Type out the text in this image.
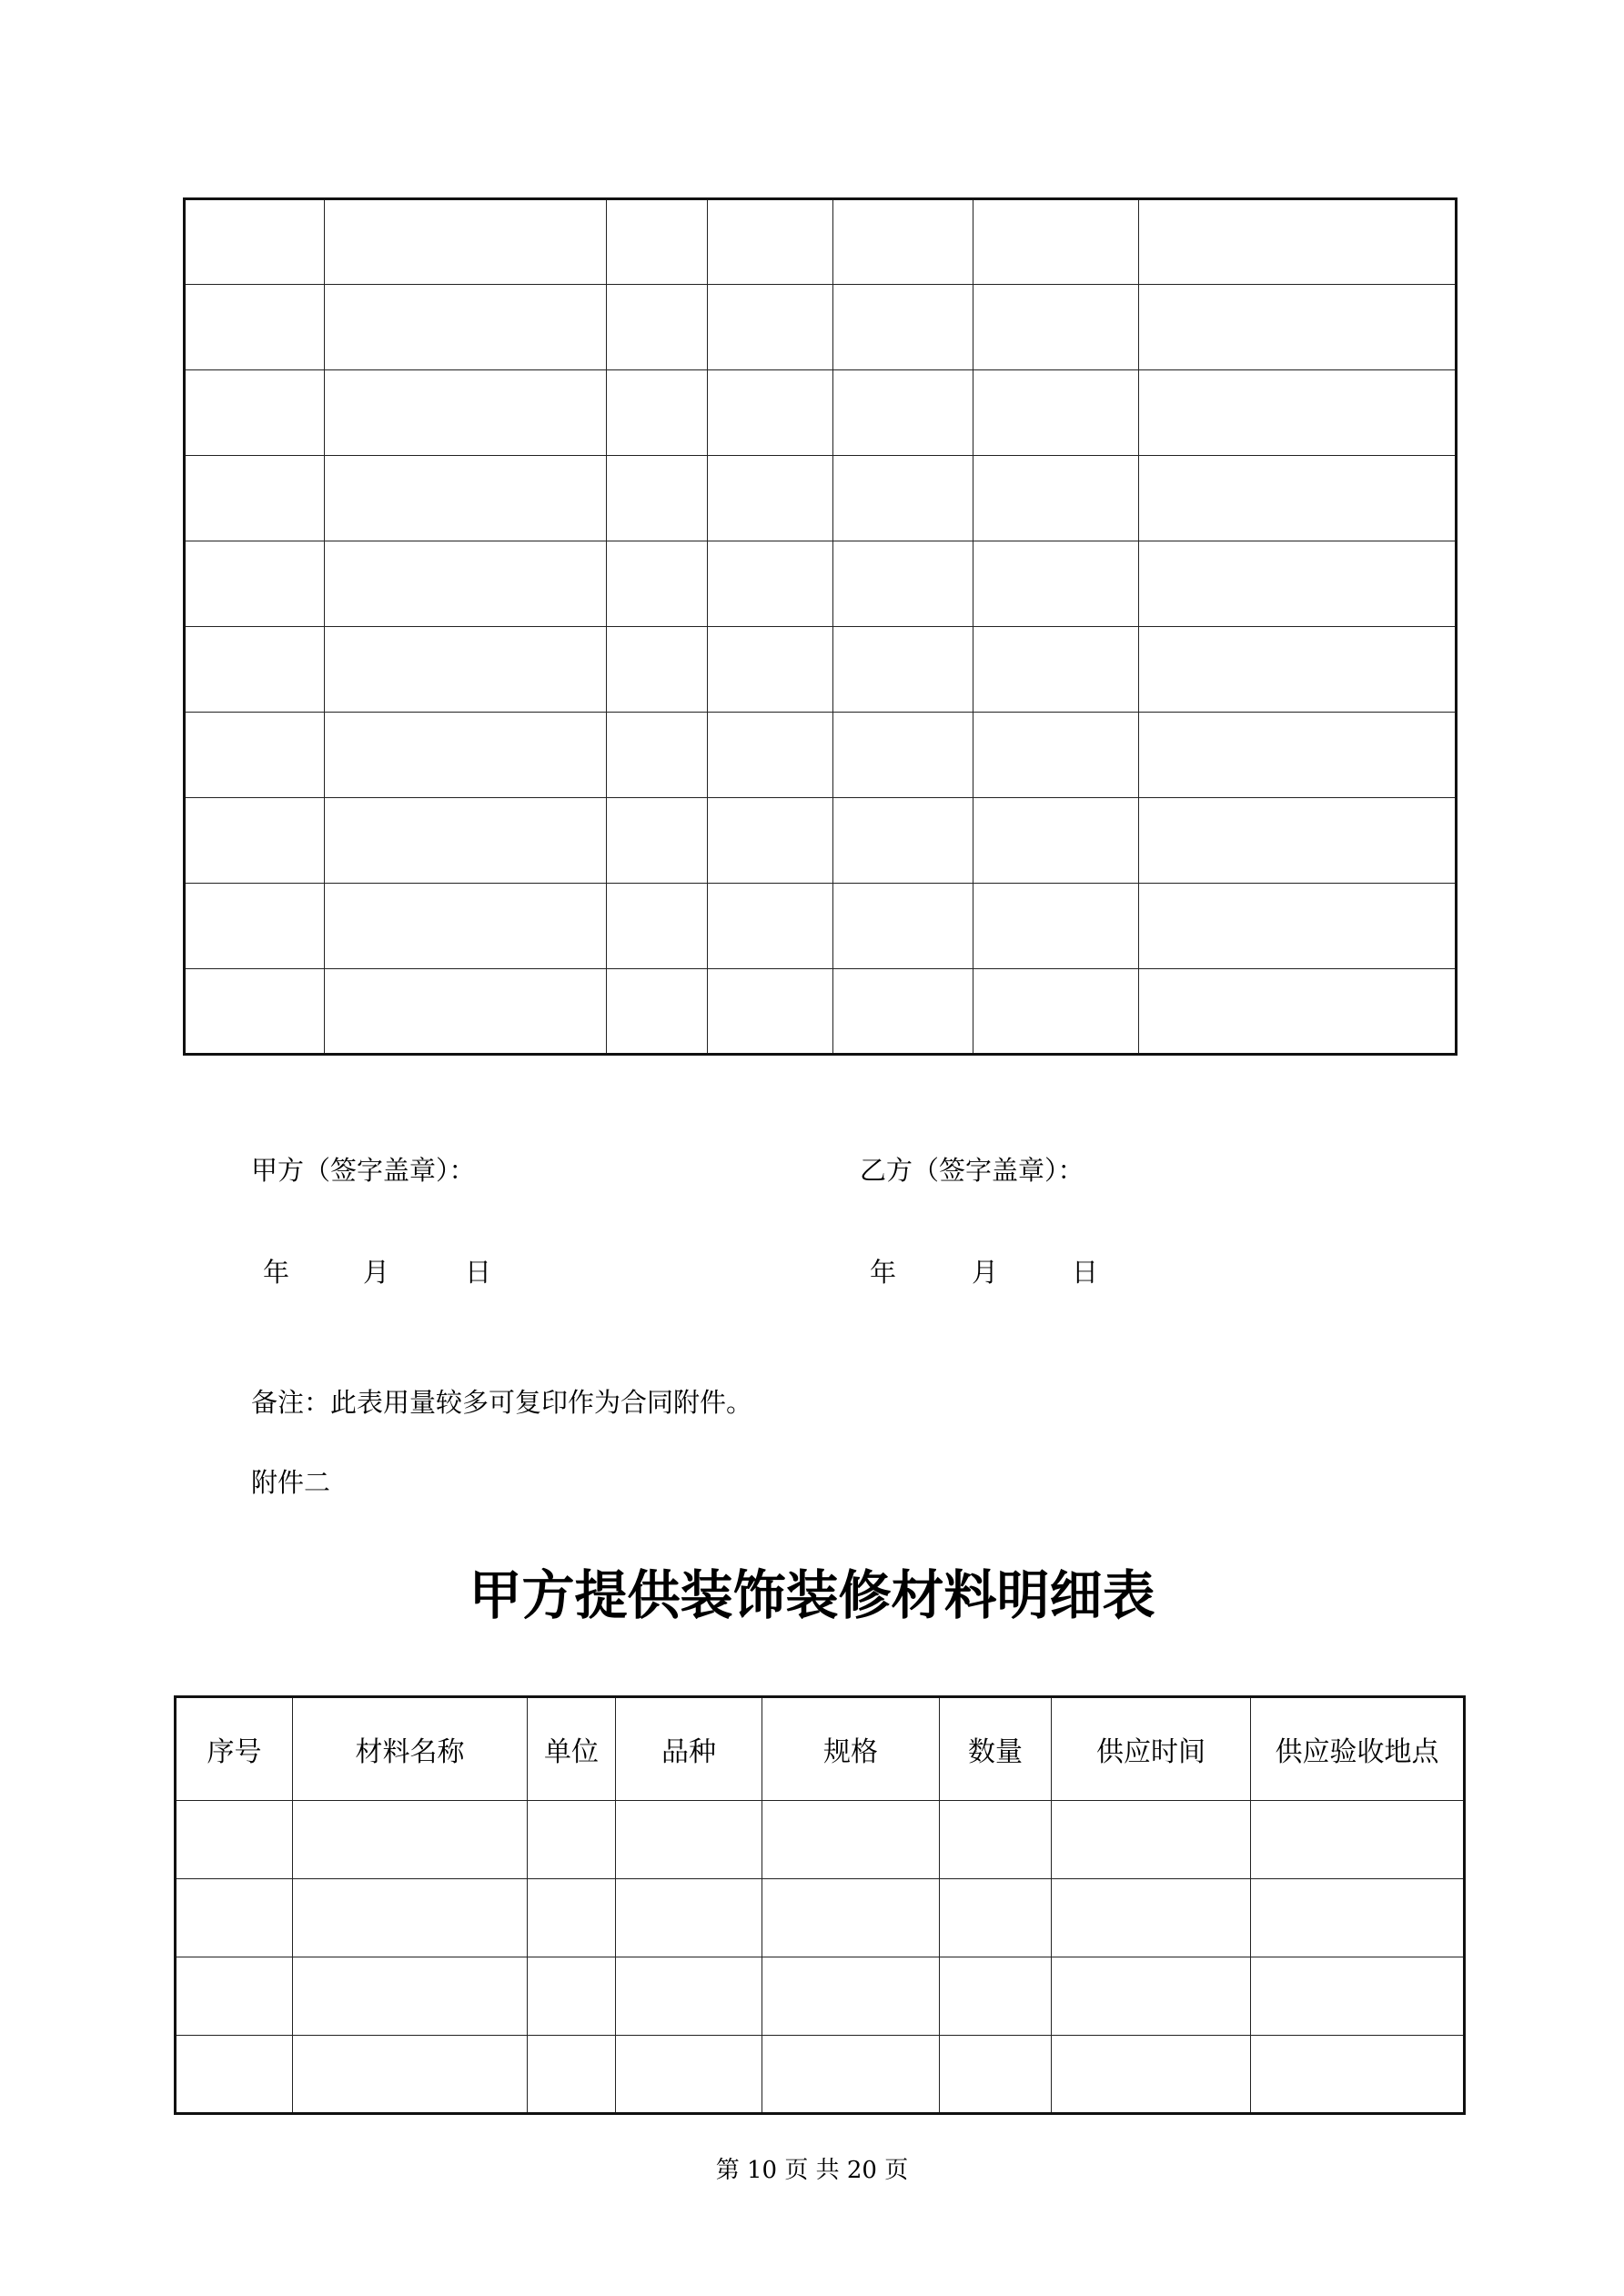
甲方（签字盖章）：	乙方（签字盖章）：
年	月	日	年	月	日
备注：此表用量较多可复印作为合同附件。
附件二
甲方提供装饰装修材料明细表
序号	材料名称	单位	品种	规格	数量	供应时间	供应验收地点

第 10 页 共 20 页
